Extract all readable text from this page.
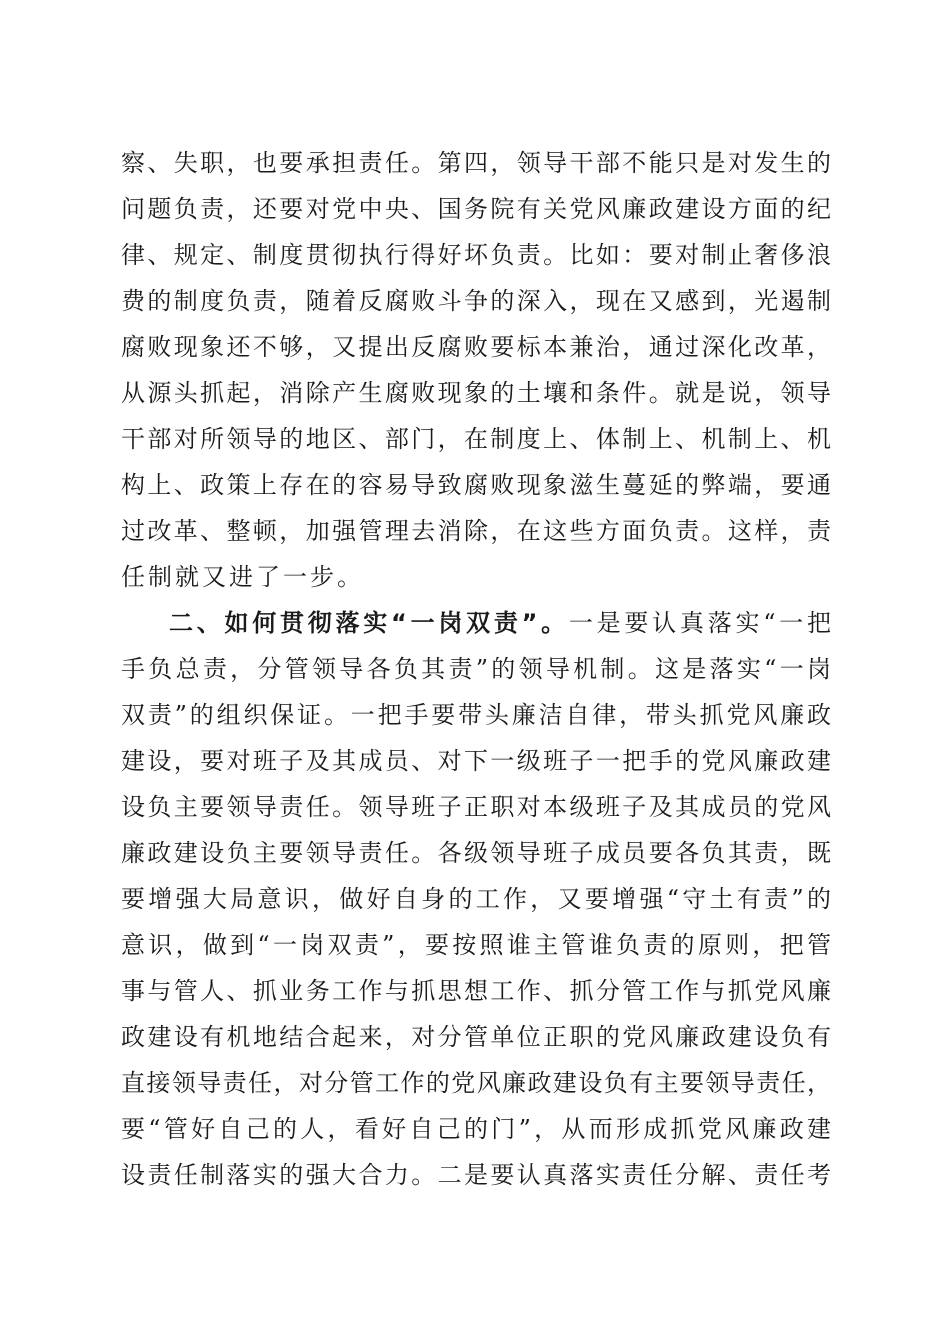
察、失职，也要承担责任。第四，领导干部不能只是对发生的
问题负责，还要对党中央、国务院有关党风廉政建设方面的纪
律、规定、制度贯彻执行得好坏负责。比如：要对制止奢侈浪
费的制度负责，随着反腐败斗争的深入，现在又感到，光遏制
腐败现象还不够，又提出反腐败要标本兼治，通过深化改革，
从源头抓起，消除产生腐败现象的土壤和条件。就是说，领导
干部对所领导的地区、部门，在制度上、体制上、机制上、机
构上、政策上存在的容易导致腐败现象滋生蔓延的弊端，要通
过改革、整顿，加强管理去消除，在这些方面负责。这样，责
任制就又进了一步。
二、如何贯彻落实“一岗双责”。一是要认真落实“一把
手负总责，分管领导各负其责”的领导机制。这是落实“一岗
双责”的组织保证。一把手要带头廉洁自律，带头抓党风廉政
建设，要对班子及其成员、对下一级班子一把手的党风廉政建
设负主要领导责任。领导班子正职对本级班子及其成员的党风
廉政建设负主要领导责任。各级领导班子成员要各负其责，既
要增强大局意识，做好自身的工作，又要增强“守土有责”的
意识，做到“一岗双责”，要按照谁主管谁负责的原则，把管
事与管人、抓业务工作与抓思想工作、抓分管工作与抓党风廉
政建设有机地结合起来，对分管单位正职的党风廉政建设负有
直接领导责任，对分管工作的党风廉政建设负有主要领导责任，
要“管好自己的人，看好自己的门”，从而形成抓党风廉政建
设责任制落实的强大合力。二是要认真落实责任分解、责任考
